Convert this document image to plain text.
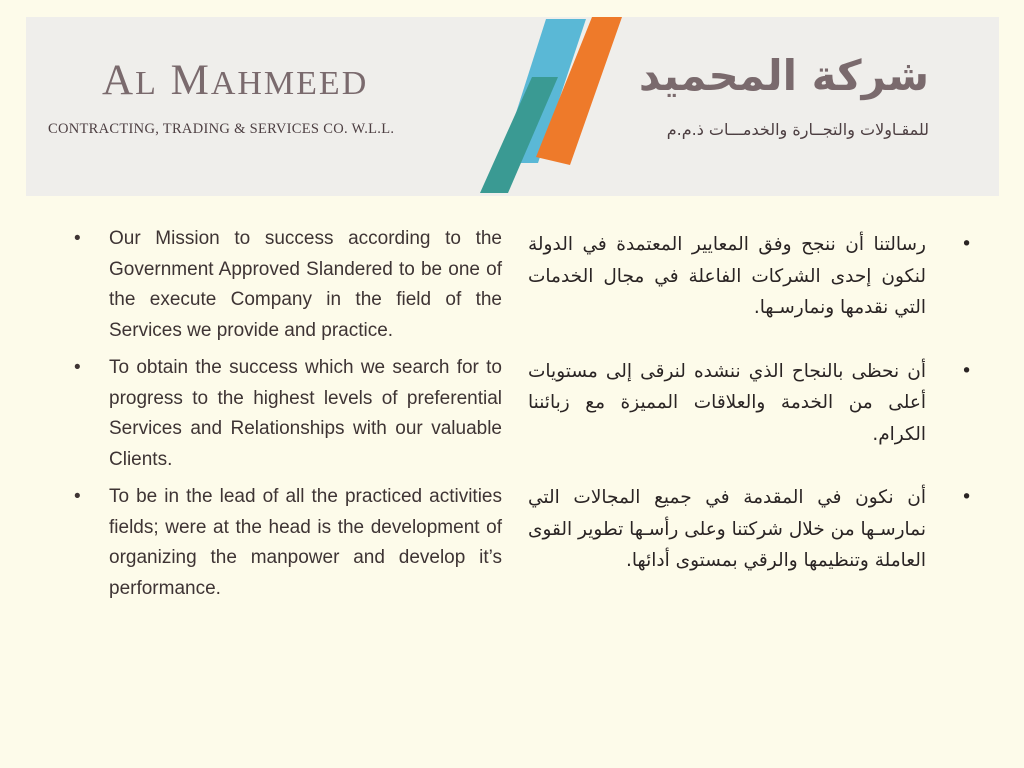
AL MAHMEED
CONTRACTING, TRADING & SERVICES CO. W.L.L.
شركة المحميد
للمقـاولات والتجــارة والخدمـــات ذ.م.م
• Our Mission to success according to the Government Approved Slandered to be one of the execute Company in the field of the Services we provide and practice.
• To obtain the success which we search for to progress to the highest levels of preferential Services and Relationships with our valuable Clients.
• To be in the lead of all the practiced activities fields; were at the head is the development of organizing the manpower and develop it’s performance.
• رسالتنا أن ننجح وفق المعايير المعتمدة في الدولة لنكون إحدى الشركات الفاعلة في مجال الخدمات التي نقدمها ونمارسـها.
• أن نحظى بالنجاح الذي ننشده لنرقى إلى مستويات أعلى من الخدمة والعلاقات المميزة مع زبائننا الكرام.
• أن نكون في المقدمة في جميع المجالات التي نمارسـها من خلال شركتنا وعلى رأسـها تطوير القوى العاملة وتنظيمها والرقي بمستوى أدائها.
